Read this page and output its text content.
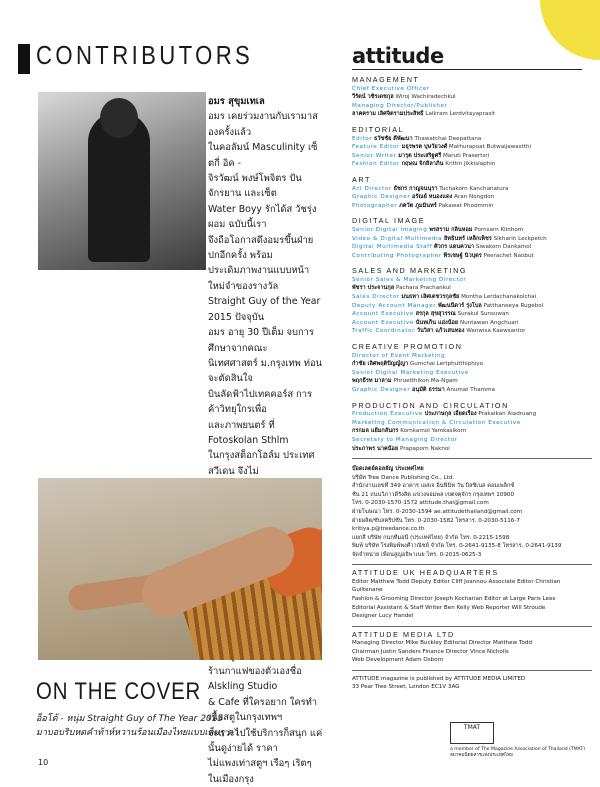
CONTRIBUTORS
อมร สุขุมเทเล
อมร เคยร่วมงานกับเรามาสองครั้งแล้ว
ในคอลัมน์ Masculinity เซ็ตกี่ อิค -
จิรวัฒน์ พงษ์โพจิตร ปันจักรยาน และเซ็ต
Water Boyy รักได้ส วัชรุ่งผอม ฉบับนี้เรา
จึงถือโอกาสดึงอมรขึ้นฝ่ายปกอีกครั้ง พร้อม
ประเดิมภาพงานแบบหน้าใหม่จำของรางวัล
Straight Guy of the Year 2015 ปัจจุบัน
อมร อายุ 30 ปีเต็ม จบการศึกษาจากคณะ
นิเทศศาสตร์ ม.กรุงเทพ ท่อนจะตัดสินใจ
บินลัดฟ้าไปเทคคอร์ส การค้าวิทยุใกรเพื่อ
และภาพยนตร์ ที่ Fotoskolan Sthlm
ในกรุงสต็อกโฮล์ม ประเทศสวีเดน จึงไม่
ร้านกาแฟของตัวเองชื่อ Alskling Studio
& Cafe ที่ใครอยาก ใครทำเนื้อสตูในกรุงเทพฯ
จะแวะไปใช้บริการก็สนุก แค่นั้นดูง่ายได้ ราคา
ไม่แพงเท่าสตูฯ เรือๆ เริตๆ ในเมืองกรุง
ON THE COVER
อ็อโต้ - หนุ่ม Straight Guy of The Year 2015
มาบอบริบหดคำท้าห์หวานร้อนเมืองไทยแบบเต็มๆ ตา
10
attitude
MANAGEMENT
Chief Executive Officer
วีรัตน์ วชิรเดชกุล Wiroj Wachiradechkul
Managing Director/Publisher
ลาคคราม เลิศจิตรามประสิทธิ์ Laikram Lerdvitayaprasit
EDITORIAL
Editor ธวัชชัย ดีพัฒนา Thawatchai Deepattana
Feature Editor มธุรพรต บุษวัยวงศ์ Mathurapoat Butwaijawastthi
Senior Writer มารุต ประเสริฐศรี Maruti Prasertsri
Fashion Editor กฤษณ จิกสิลาภิน Krittin Jikkislaphin
ART
Art Director ธัชกร กาญจนนุรา Tuchakorn Kanchanatura
Graphic Designer อรัณย์ หนองแดง Aran Nongdon
Photographer ภควัต ภูมมินทร์ Pakawat Phoommin
DIGITAL IMAGE
Senior Digital Imaging พรสราม กลิ่นหอม Pornsarn Klinhom
Video & Digital Multimedia สิทธินทร์ เหล็กเพ็ชร Sikharin Leckpetch
Digital Multimedia Staff ศิวกร แดนควนา Siwakorn Dankamol
Contributing Photographer พีรเชษฐ์ นิวบุตร Peerachet Naobut
SALES AND MARKETING
Senior Sales & Marketing Director
พัชรา ประจานกุล Pachara Prachankul
Sales Director มนธทา เลิศเดชวรกุลชัย Montha Lerdachanakolchai
Deputy Account Manager พัฒนนีดาร์ รุ่งโบล Patthaneeya Rugebol
Account Executive สรกุล สุขสุวรรณ Surakul Sunsuwan
Account Executive นันทเก็น แอ่งน้อย Nuntawan Angchuari
Traffic Coordinator วันวิสา แก้วเสนทอง Wanwisa Kaewsantor
CREATIVE PROMOTION
Director of Event Marketing
กำชัย เลิศพฤติปัญญ์ญา Gumchai Lertphutthiphiyo
Senior Digital Marketing Executive
พฤกธีรท มาลาม Phruetthikon Ma-Ngam
Graphic Designer อนุมัติ ธรรมา Anumat Thamma
PRODUCTION AND CIRCULATION
Production Executive ประภาษกุล เอียดเรือง Prakaikan Aiadruang
Marketing Communication & Circulation Executive
กรกมล แย้มกลั่นกร Kornkamol Yamkasikorn
Secretary to Managing Director
ประภาพร นาคน้อย Prapaporn Naknoi
บ๊อดเลตย์ดอลยัญ ประเทศไทย
บริษัท Tree Dance Publishing Co., Ltd.
สำนักงานเลขที่ 349 อาคาร เอสเจ อินฟินิท วัน บิสซิเนส คอมเพล็กซ์
ชั้น 21 ถนนวิภาวดีรังสิต แขวงจอมพล เขตจตุจักร กรุงเทพฯ 10900
โทร. 0-2030-1570-1572 attitude.thai@gmail.com
ฝ่ายโฆษณา โทร. 0-2030-1594 ae.attitudethailand@gmail.com
ฝ่ายผลิต/ซับสคริปชั่น โทร. 0-2030-1582 โทรสาร. 0-2030-5116-7 kritiya.p@treedance.co.th
แยกสี บริษัท กนกทีมอนี (ประเทศไทย) จำกัด โทร. 0-2215-1598
พิมพ์ บริษัท โรงพิมพ์พงศ์วาณิชย์ จำกัด โทร. 0-2641-9135-8 โทรสาร. 0-2641-9139
จัดจำหน่าย เพื่อนสูญอธิพาเนย โทร. 0-2015-0625-3
ATTITUDE UK HEADQUARTERS
Editor Matthew Todd Deputy Editor Cliff Joannou Associate Editor Christian Guiltenane
Fashion & Grooming Director Joseph Kocharian Editor at Large Paris Lees
Editorial Assistant & Staff Writer Ben Kelly Web Reporter Will Stroude
Designer Lucy Handel
ATTITUDE MEDIA LTD
Managing Director Mike Buckley Editorial Director Matthew Todd
Chairman Justin Sanders Finance Director Vince Nicholls
Web Development Adam Osborn
ATTITUDE magazine is published by ATTITUDE MEDIA LIMITED
33 Pear Tree Street, London EC1V 3AG
TMAT
a member of The Magazine Association of Thailand (TMAT)
สมาคมนิตยสารแห่งประเทศไทย
